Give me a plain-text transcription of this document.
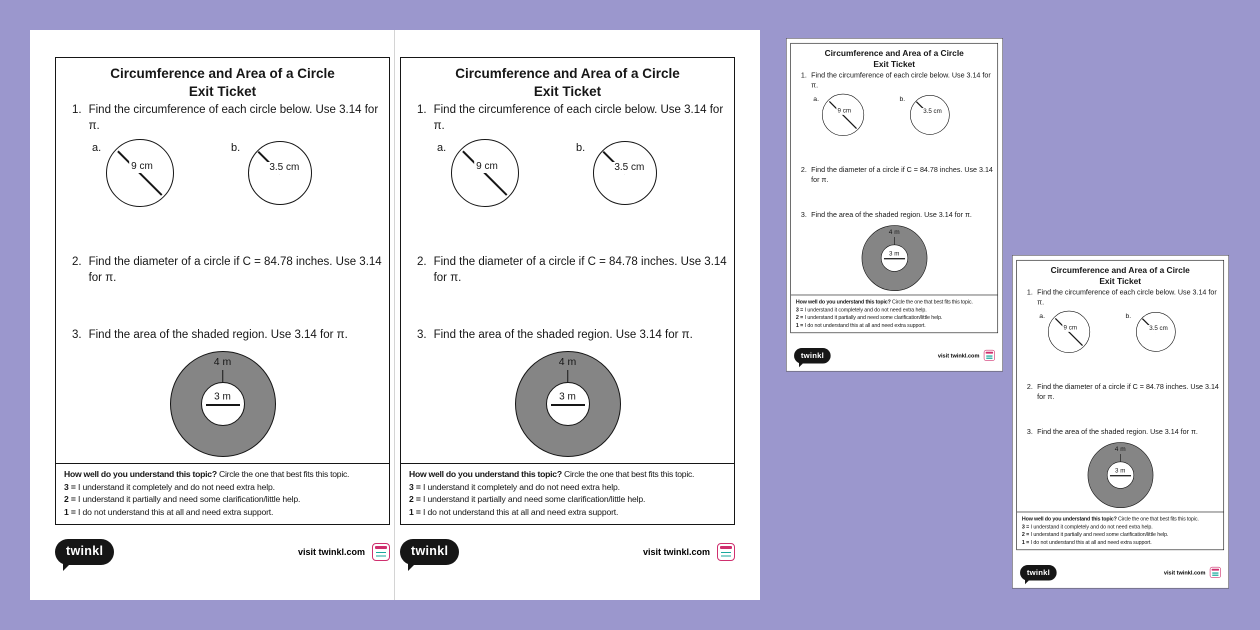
Circumference and Area of a Circle
Exit Ticket
1. Find the circumference of each circle below. Use 3.14 for π.
a.	b.
9 cm	3.5 cm
2. Find the diameter of a circle if C = 84.78 inches. Use 3.14 for π.
3. Find the area of the shaded region. Use 3.14 for π.
4 m
3 m
How well do you understand this topic? Circle the one that best fits this topic.
3 = I understand it completely and do not need extra help.
2 = I understand it partially and need some clarification/little help.
1 = I do not understand this at all and need extra support.
Circumference and Area of a Circle
Exit Ticket
1. Find the circumference of each circle below. Use 3.14 for π.
a.	b.
9 cm	3.5 cm
2. Find the diameter of a circle if C = 84.78 inches. Use 3.14 for π.
3. Find the area of the shaded region. Use 3.14 for π.
4 m
3 m
How well do you understand this topic? Circle the one that best fits this topic.
3 = I understand it completely and do not need extra help.
2 = I understand it partially and need some clarification/little help.
1 = I do not understand this at all and need extra support.
twinkl	visit twinkl.com	twinkl	visit twinkl.com
Circumference and Area of a Circle
Exit Ticket
1. Find the circumference of each circle below. Use 3.14 for π.
a.	b.
9 cm	3.5 cm
2. Find the diameter of a circle if C = 84.78 inches. Use 3.14 for π.
3. Find the area of the shaded region. Use 3.14 for π.
4 m
3 m
How well do you understand this topic? Circle the one that best fits this topic.
3 = I understand it completely and do not need extra help.
2 = I understand it partially and need some clarification/little help.
1 = I do not understand this at all and need extra support.
twinkl	visit twinkl.com
Circumference and Area of a Circle
Exit Ticket
1. Find the circumference of each circle below. Use 3.14 for π.
a.	b.
9 cm	3.5 cm
2. Find the diameter of a circle if C = 84.78 inches. Use 3.14 for π.
3. Find the area of the shaded region. Use 3.14 for π.
4 m
3 m
How well do you understand this topic? Circle the one that best fits this topic.
3 = I understand it completely and do not need extra help.
2 = I understand it partially and need some clarification/little help.
1 = I do not understand this at all and need extra support.
twinkl	visit twinkl.com
